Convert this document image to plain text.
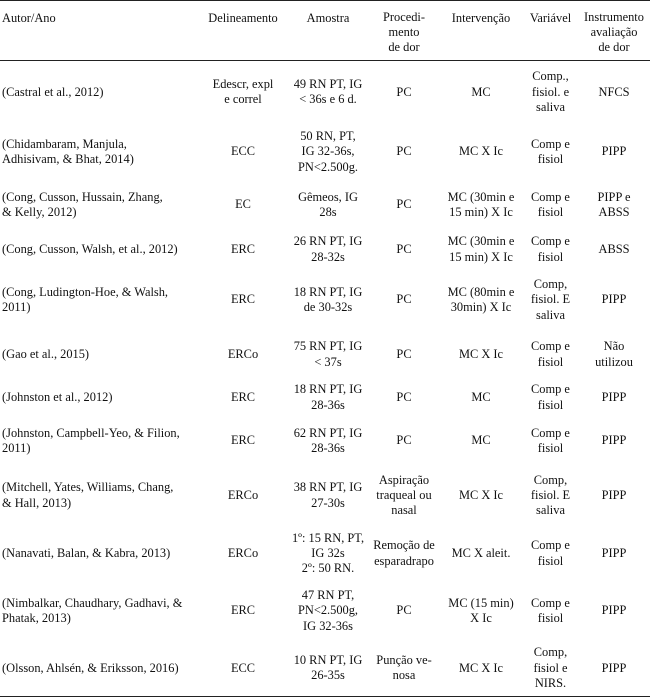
Autor/Ano	Delineamento	Amostra	Procedi-
mento
de dor	Intervenção	Variável	Instrumento
avaliação
de dor

(Castral et al., 2012)	Edescr, expl
e correl	49 RN PT, IG
< 36s e 6 d.	PC	MC	Comp.,
fisiol. e
saliva	NFCS

(Chidambaram, Manjula,
Adhisivam, & Bhat, 2014)	ECC	50 RN, PT,
IG 32-36s,
PN<2.500g.	PC	MC X Ic	Comp e
fisiol	PIPP

(Cong, Cusson, Hussain, Zhang,
& Kelly, 2012)	EC	Gêmeos, IG
28s	PC	MC (30min e
15 min) X Ic	Comp e
fisiol	PIPP e
ABSS

(Cong, Cusson, Walsh, et al., 2012)	ERC	26 RN PT, IG
28-32s	PC	MC (30min e
15 min) X Ic	Comp e
fisiol	ABSS

(Cong, Ludington-Hoe, & Walsh,
2011)	ERC	18 RN PT, IG
de 30-32s	PC	MC (80min e
30min) X Ic	Comp,
fisiol. E
saliva	PIPP

(Gao et al., 2015)	ERCo	75 RN PT, IG
< 37s	PC	MC X Ic	Comp e
fisiol	Não
utilizou

(Johnston et al., 2012)	ERC	18 RN PT, IG
28-36s	PC	MC	Comp e
fisiol	PIPP

(Johnston, Campbell-Yeo, & Filion,
2011)	ERC	62 RN PT, IG
28-36s	PC	MC	Comp e
fisiol	PIPP

(Mitchell, Yates, Williams, Chang,
& Hall, 2013)	ERCo	38 RN PT, IG
27-30s	Aspiração
traqueal ou
nasal	MC X Ic	Comp,
fisiol. E
saliva	PIPP

(Nanavati, Balan, & Kabra, 2013)	ERCo	1º: 15 RN, PT,
IG 32s
2º: 50 RN.	Remoção de
esparadrapo	MC X aleit.	Comp e
fisiol	PIPP

(Nimbalkar, Chaudhary, Gadhavi, &
Phatak, 2013)	ERC	47 RN PT,
PN<2.500g,
IG 32-36s	PC	MC (15 min)
X Ic	Comp e
fisiol	PIPP

(Olsson, Ahlsén, & Eriksson, 2016)	ECC	10 RN PT, IG
26-35s	Punção ve-
nosa	MC X Ic	Comp,
fisiol e
NIRS.	PIPP
